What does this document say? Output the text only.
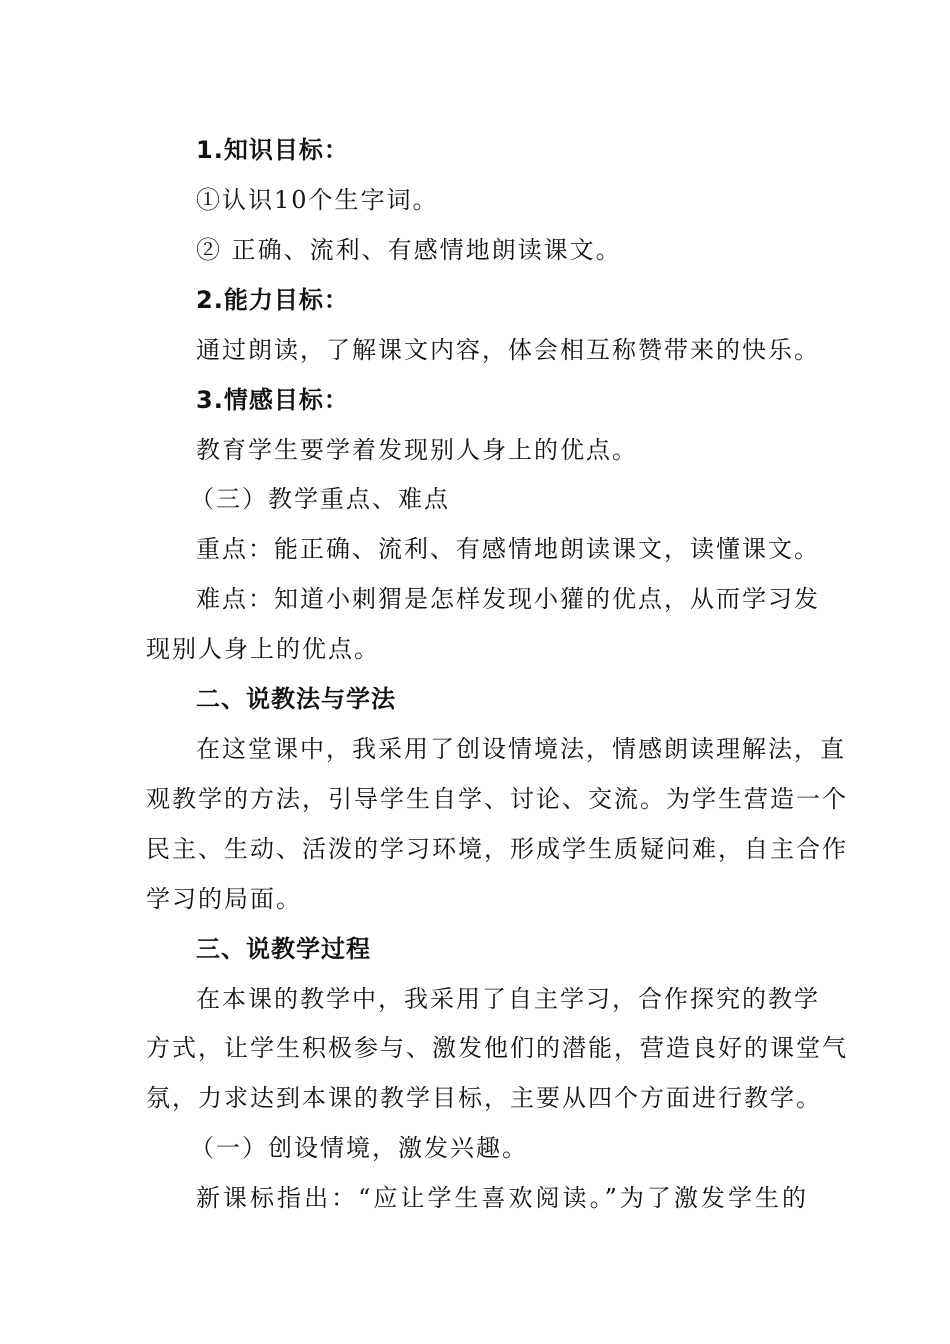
1.知识目标：
①认识10个生字词。
② 正确、流利、有感情地朗读课文。
2.能力目标：
通过朗读，了解课文内容，体会相互称赞带来的快乐。
3.情感目标：
教育学生要学着发现别人身上的优点。
（三）教学重点、难点
重点：能正确、流利、有感情地朗读课文，读懂课文。
难点：知道小刺猬是怎样发现小獾的优点，从而学习发
现别人身上的优点。
二、说教法与学法
在这堂课中，我采用了创设情境法，情感朗读理解法，直
观教学的方法，引导学生自学、讨论、交流。为学生营造一个
民主、生动、活泼的学习环境，形成学生质疑问难，自主合作
学习的局面。
三、说教学过程
在本课的教学中，我采用了自主学习，合作探究的教学
方式，让学生积极参与、激发他们的潜能，营造良好的课堂气
氛，力求达到本课的教学目标，主要从四个方面进行教学。
（一）创设情境，激发兴趣。
新课标指出：“应让学生喜欢阅读。”为了激发学生的
